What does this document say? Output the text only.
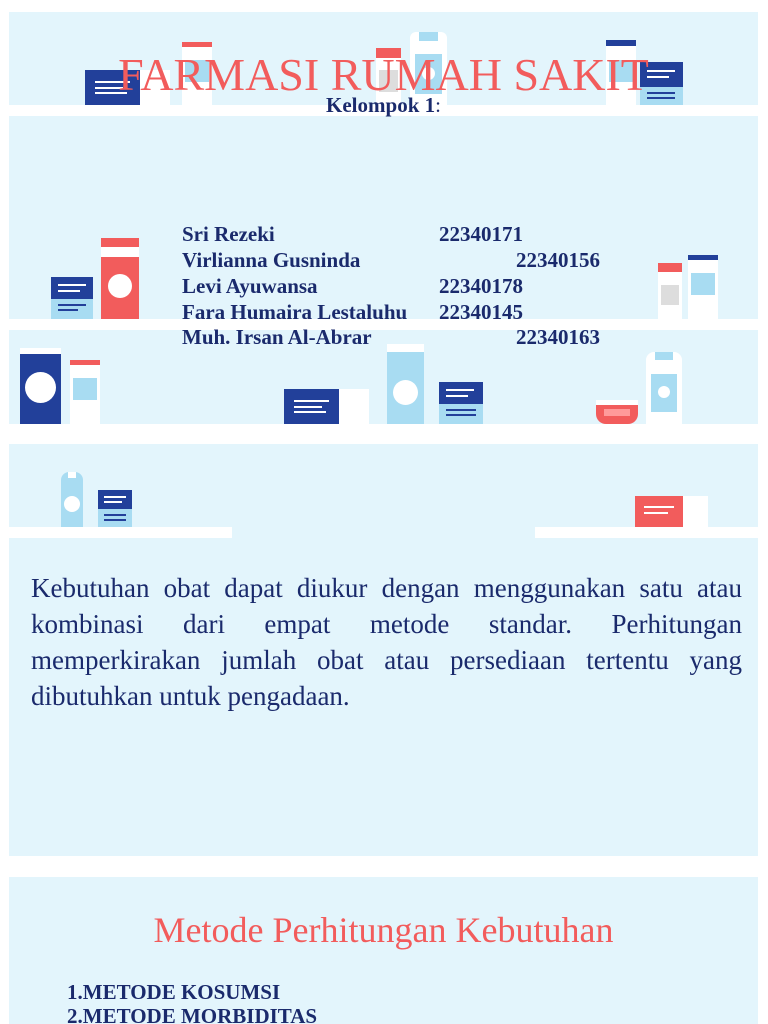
FARMASI RUMAH SAKIT
Kelompok 1:
Sri Rezeki	22340171
Virlianna Gusninda	22340156
Levi Ayuwansa	22340178
Fara Humaira Lestaluhu 22340145
Muh. Irsan Al-Abrar	22340163

Kebutuhan obat dapat diukur dengan menggunakan satu atau kombinasi dari empat metode standar. Perhitungan memperkirakan jumlah obat atau persediaan tertentu yang dibutuhkan untuk pengadaan.

Metode Perhitungan Kebutuhan
1.METODE KOSUMSI
2.METODE MORBIDITAS
